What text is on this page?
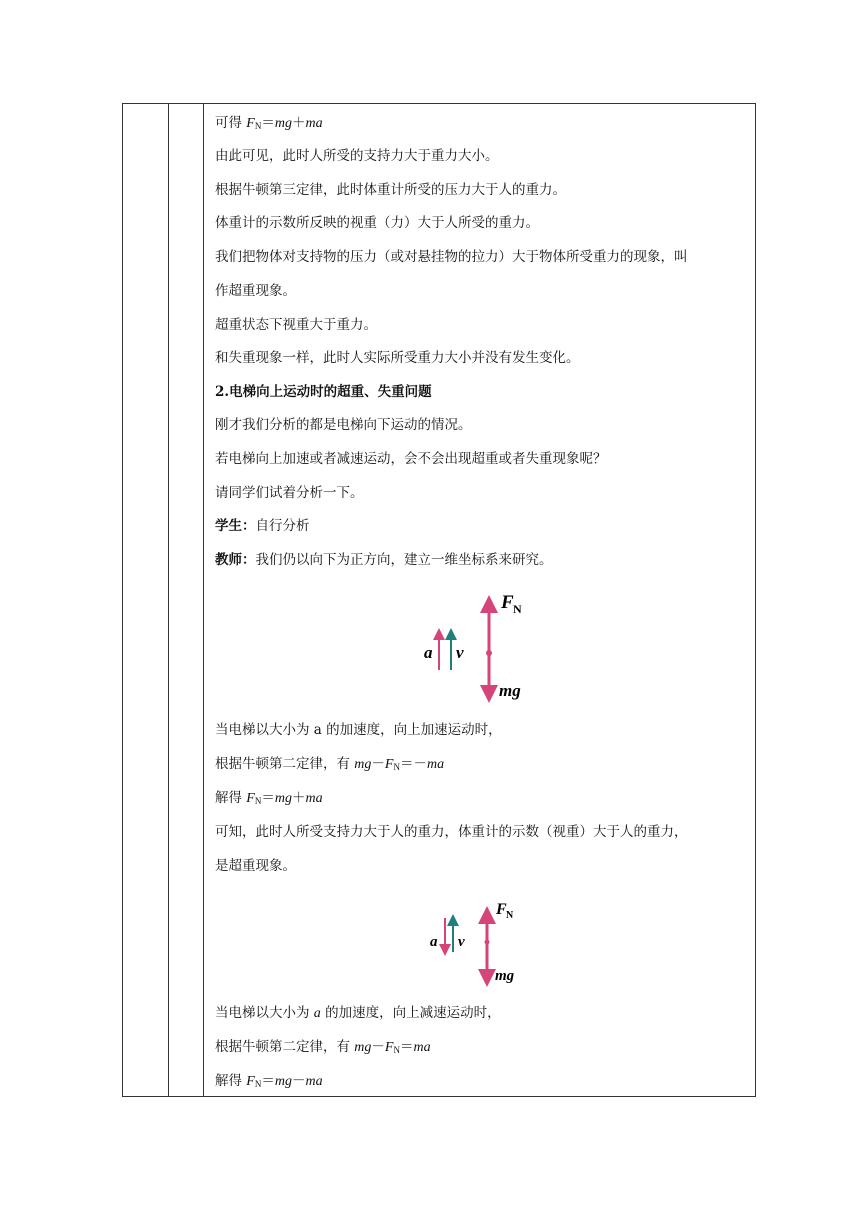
可得 $F_N=mg+ma$
由此可见，此时人所受的支持力大于重力大小。
根据牛顿第三定律，此时体重计所受的压力大于人的重力。
体重计的示数所反映的视重（力）大于人所受的重力。
我们把物体对支持物的压力（或对悬挂物的拉力）大于物体所受重力的现象，叫
作超重现象。
超重状态下视重大于重力。
和失重现象一样，此时人实际所受重力大小并没有发生变化。
2.电梯向上运动时的超重、失重问题
刚才我们分析的都是电梯向下运动的情况。
若电梯向上加速或者减速运动，会不会出现超重或者失重现象呢？
请同学们试着分析一下。
学生：自行分析
教师：我们仍以向下为正方向，建立一维坐标系来研究。
a v
F N
mg
当电梯以大小为 a 的加速度，向上加速运动时，
根据牛顿第二定律，有 $mg-F_N=-ma$
解得 $F_N=mg+ma$
可知，此时人所受支持力大于人的重力，体重计的示数（视重）大于人的重力，
是超重现象。
a v
F N
mg
当电梯以大小为 a 的加速度，向上减速运动时，
根据牛顿第二定律，有 $mg-F_N=ma$
解得 $F_N=mg-ma$
